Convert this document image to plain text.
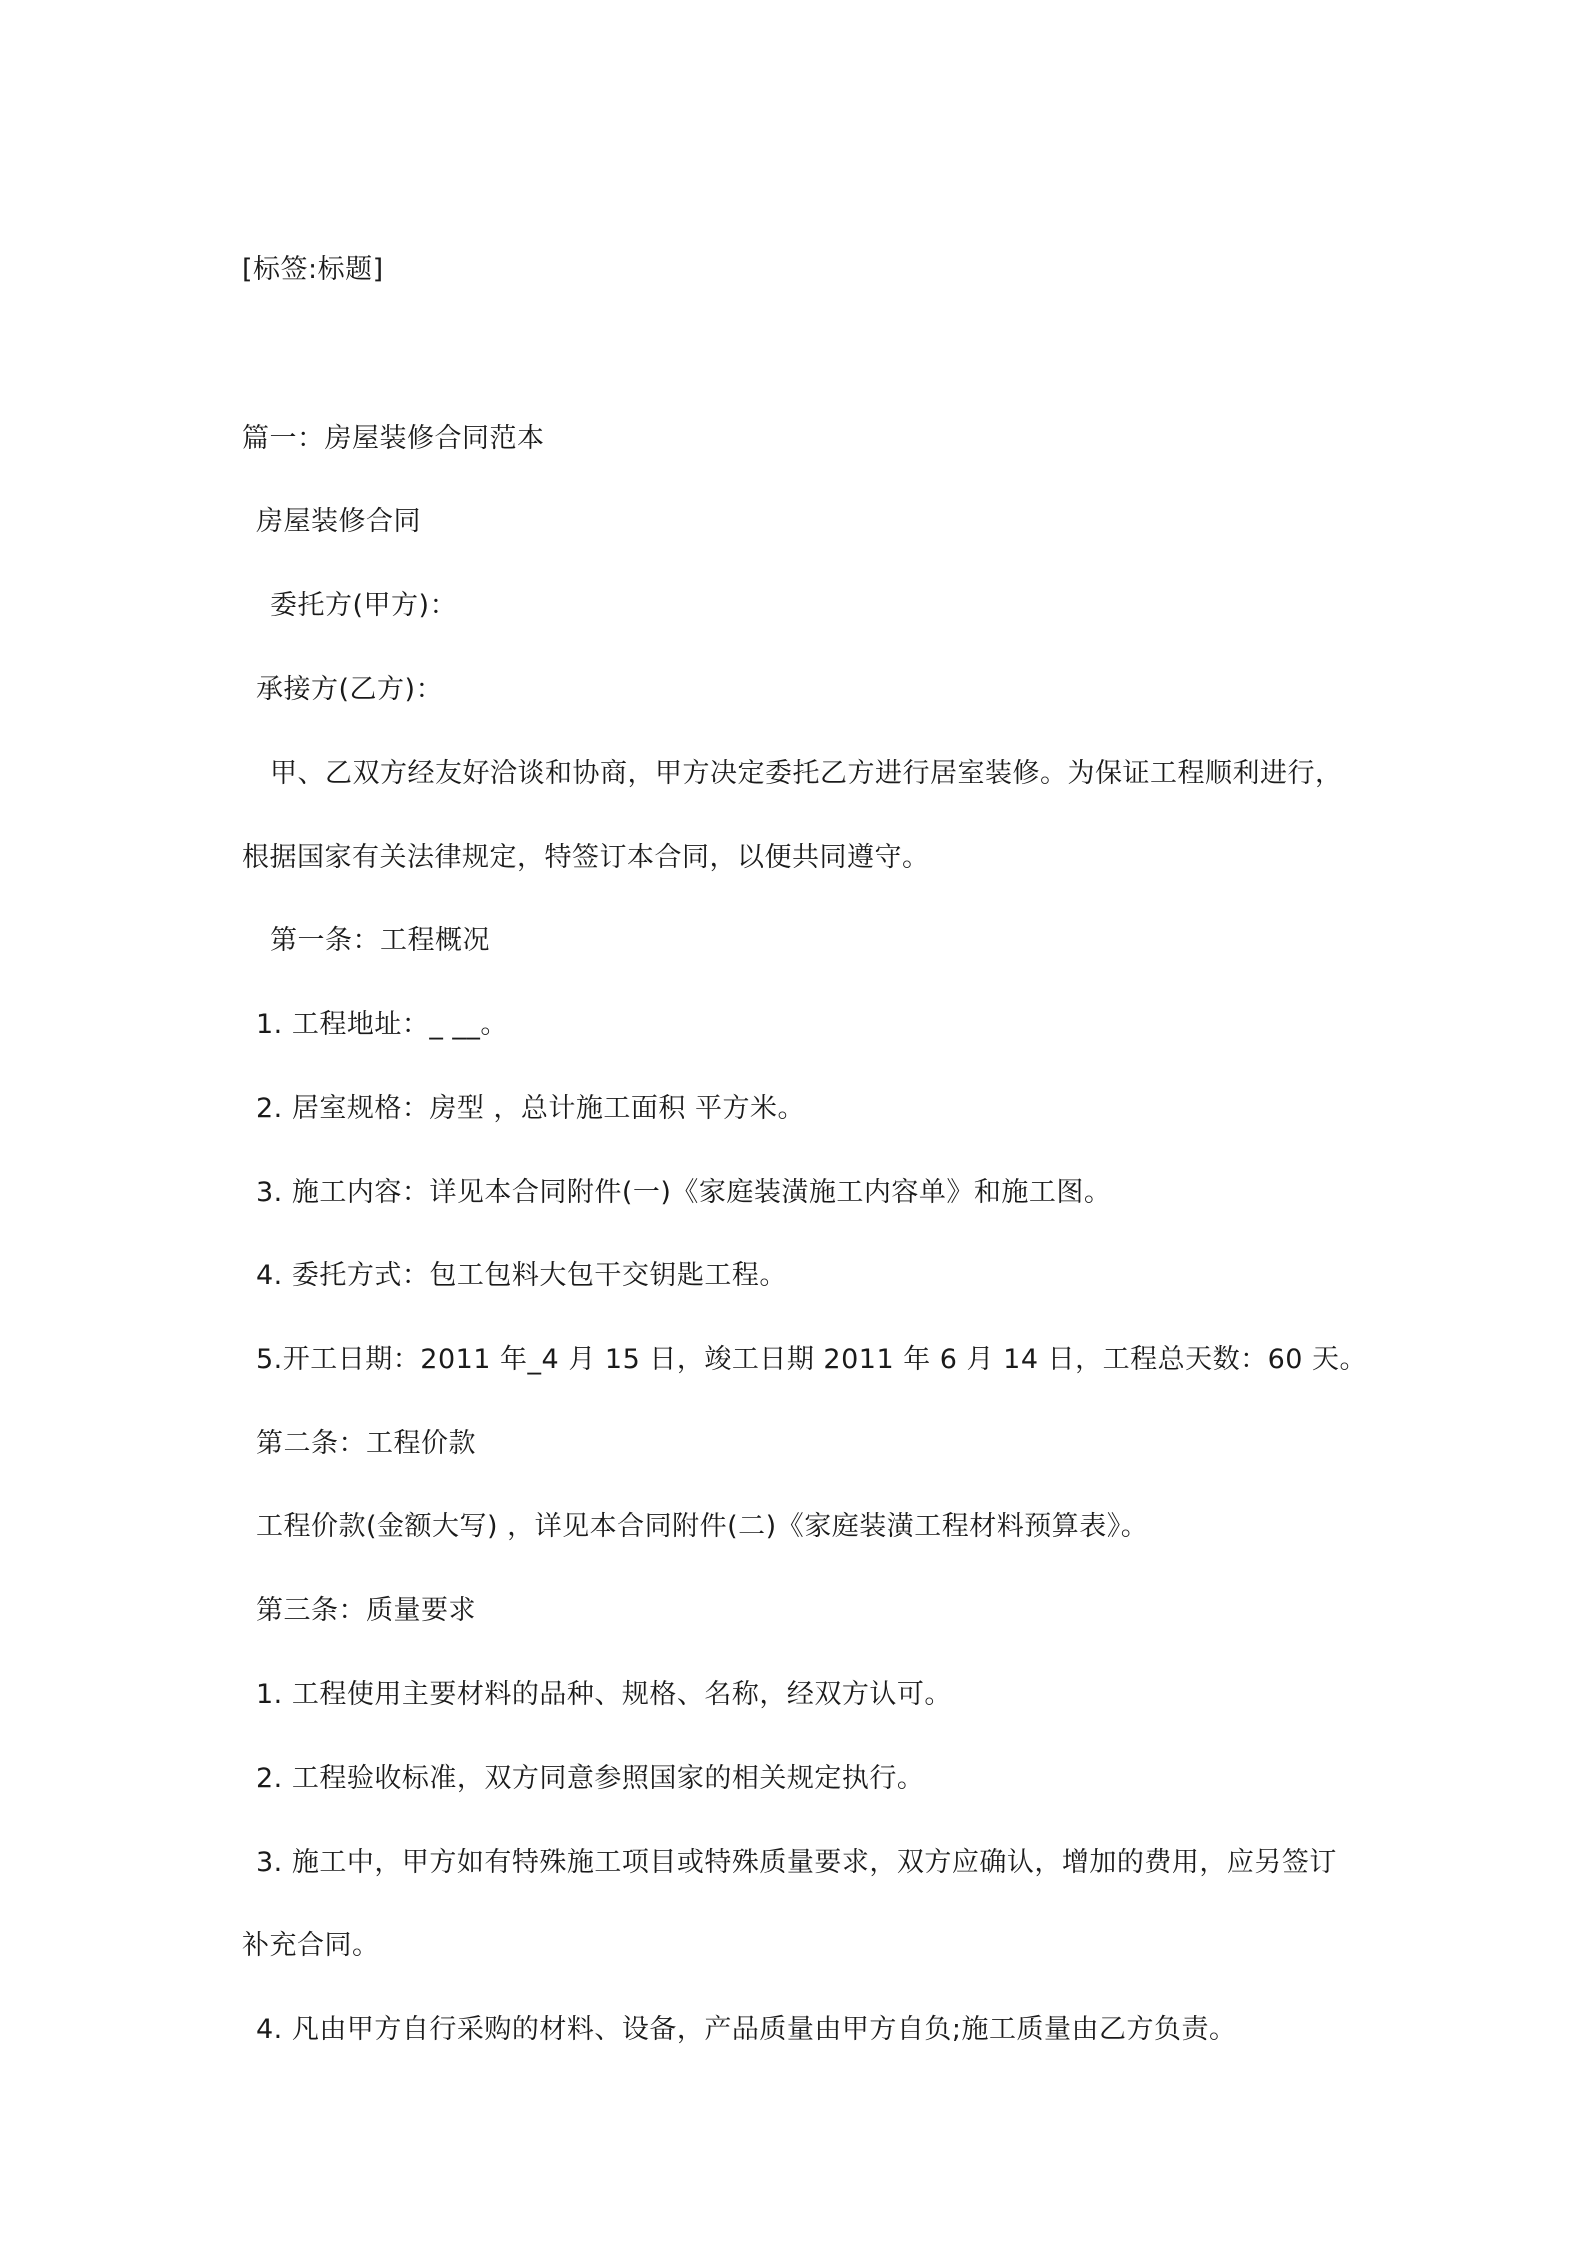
[标签:标题]
篇一：房屋装修合同范本
房屋装修合同
委托方(甲方)：
承接方(乙方)：
甲、乙双方经友好洽谈和协商，甲方决定委托乙方进行居室装修。为保证工程顺利进行，
根据国家有关法律规定，特签订本合同，以便共同遵守。
第一条：工程概况
1. 工程地址：_ __。
2. 居室规格：房型 ，总计施工面积 平方米。
3. 施工内容：详见本合同附件(一)《家庭装潢施工内容单》和施工图。
4. 委托方式：包工包料大包干交钥匙工程。
5.开工日期：2011 年_4 月 15 日，竣工日期 2011 年 6 月 14 日，工程总天数：60 天。
第二条：工程价款
工程价款(金额大写) ，详见本合同附件(二)《家庭装潢工程材料预算表》。
第三条：质量要求
1. 工程使用主要材料的品种、规格、名称，经双方认可。
2. 工程验收标准，双方同意参照国家的相关规定执行。
3. 施工中，甲方如有特殊施工项目或特殊质量要求，双方应确认，增加的费用，应另签订
补充合同。
4. 凡由甲方自行采购的材料、设备，产品质量由甲方自负;施工质量由乙方负责。
